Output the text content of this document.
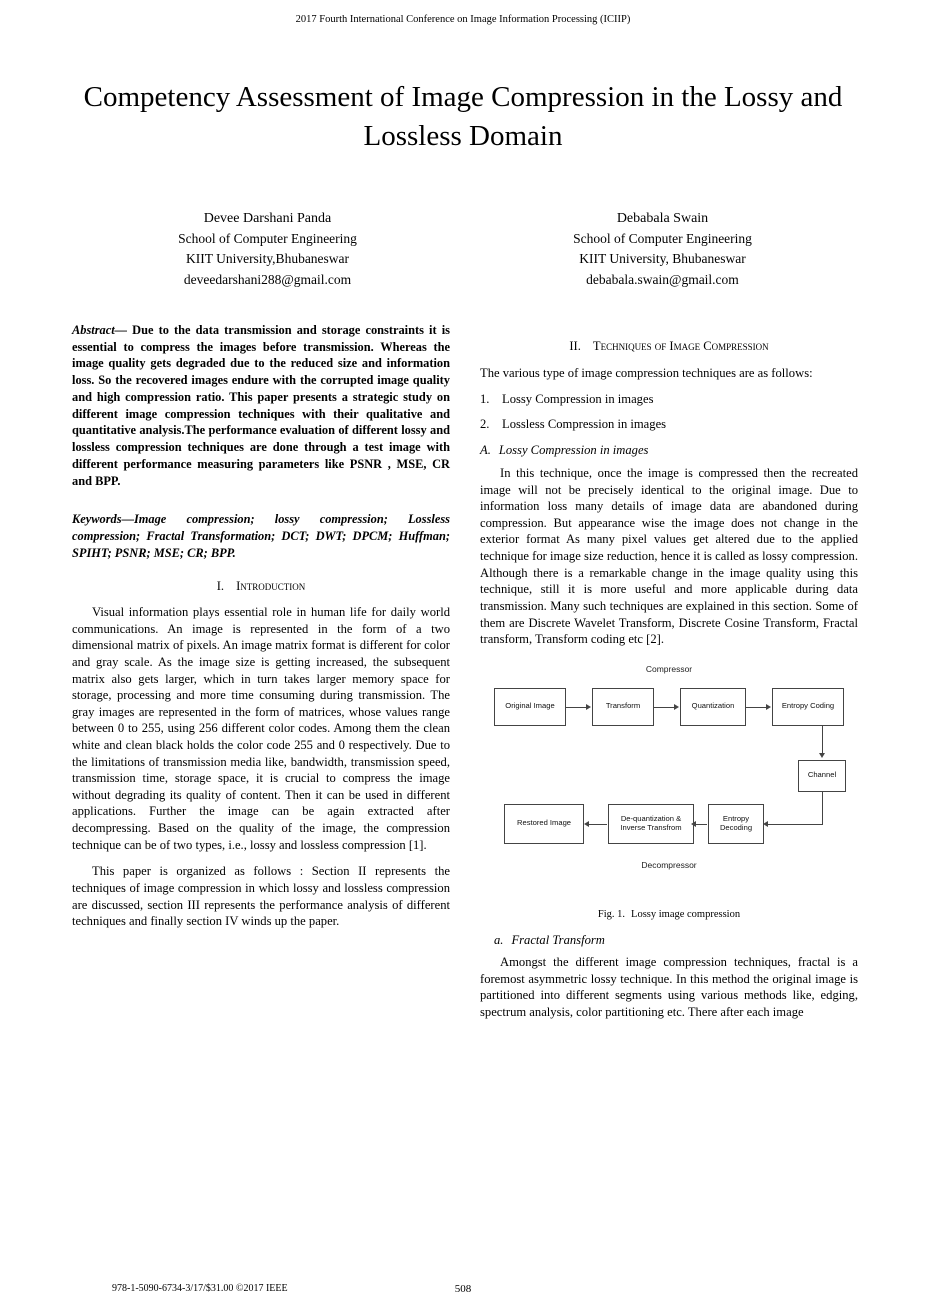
2017 Fourth International Conference on Image Information Processing (ICIIP)
Competency Assessment of Image Compression in the Lossy and Lossless Domain
Devee Darshani Panda
School of Computer Engineering
KIIT University,Bhubaneswar
deveedarshani288@gmail.com
Debabala Swain
School of Computer Engineering
KIIT University, Bhubaneswar
debabala.swain@gmail.com

Abstract— Due to the data transmission and storage constraints it is essential to compress the images before transmission. Whereas the image quality gets degraded due to the reduced size and information loss. So the recovered images endure with the corrupted image quality and high compression ratio. This paper presents a strategic study on different image compression techniques with their qualitative and quantitative analysis.The performance evaluation of different lossy and lossless compression techniques are done through a test image with different performance measuring parameters like PSNR , MSE, CR and BPP.

Keywords—Image compression; lossy compression; Lossless compression; Fractal Transformation; DCT; DWT; DPCM; Huffman; SPIHT; PSNR; MSE; CR; BPP.

I. Introduction

Visual information plays essential role in human life for daily world communications. An image is represented in the form of a two dimensional matrix of pixels. An image matrix format is different for color and gray scale. As the image size is getting increased, the subsequent matrix also gets larger, which in turn takes larger memory space for storage, processing and more time consuming during transmission. The gray images are represented in the form of matrices, whose values range between 0 to 255, using 256 different color codes. Among them the clean white and clean black holds the color code 255 and 0 respectively. Due to the limitations of transmission media like, bandwidth, transmission speed, transmission time, storage space, it is crucial to compress the image without degrading its quality of content. Then it can be used in different applications. Further the image can be again extracted after decompressing. Based on the quality of the image, the compression technique can be of two types, i.e., lossy and lossless compression [1].

This paper is organized as follows : Section II represents the techniques of image compression in which lossy and lossless compression are discussed, section III represents the performance analysis of different techniques and finally section IV winds up the paper.

II. Techniques of Image Compression

The various type of image compression techniques are as follows:

1. Lossy Compression in images

2. Lossless Compression in images

A. Lossy Compression in images

In this technique, once the image is compressed then the recreated image will not be precisely identical to the original image. Due to information loss many details of image data are abandoned during compression. But appearance wise the image does not change in the exterior format As many pixel values get altered due to the applied technique for image size reduction, hence it is called as lossy compression. Although there is a remarkable change in the image quality using this technique, still it is more useful and more applicable during data transmission. Many such techniques are explained in this section. Some of them are Discrete Wavelet Transform, Discrete Cosine Transform, Fractal transform, Transform coding etc [2].

Compressor
Original Image	Transform	Quantization	Entropy Coding
Channel
Entropy Decoding
De-quantization & Inverse Transfrom
Restored Image
Decompressor
Fig. 1. Lossy image compression
a. Fractal Transform

Amongst the different image compression techniques, fractal is a foremost asymmetric lossy technique. In this method the original image is partitioned into different segments using various methods like, edging, spectrum analysis, color partitioning etc. There after each image

978-1-5090-6734-3/17/$31.00 ©2017 IEEE	508
